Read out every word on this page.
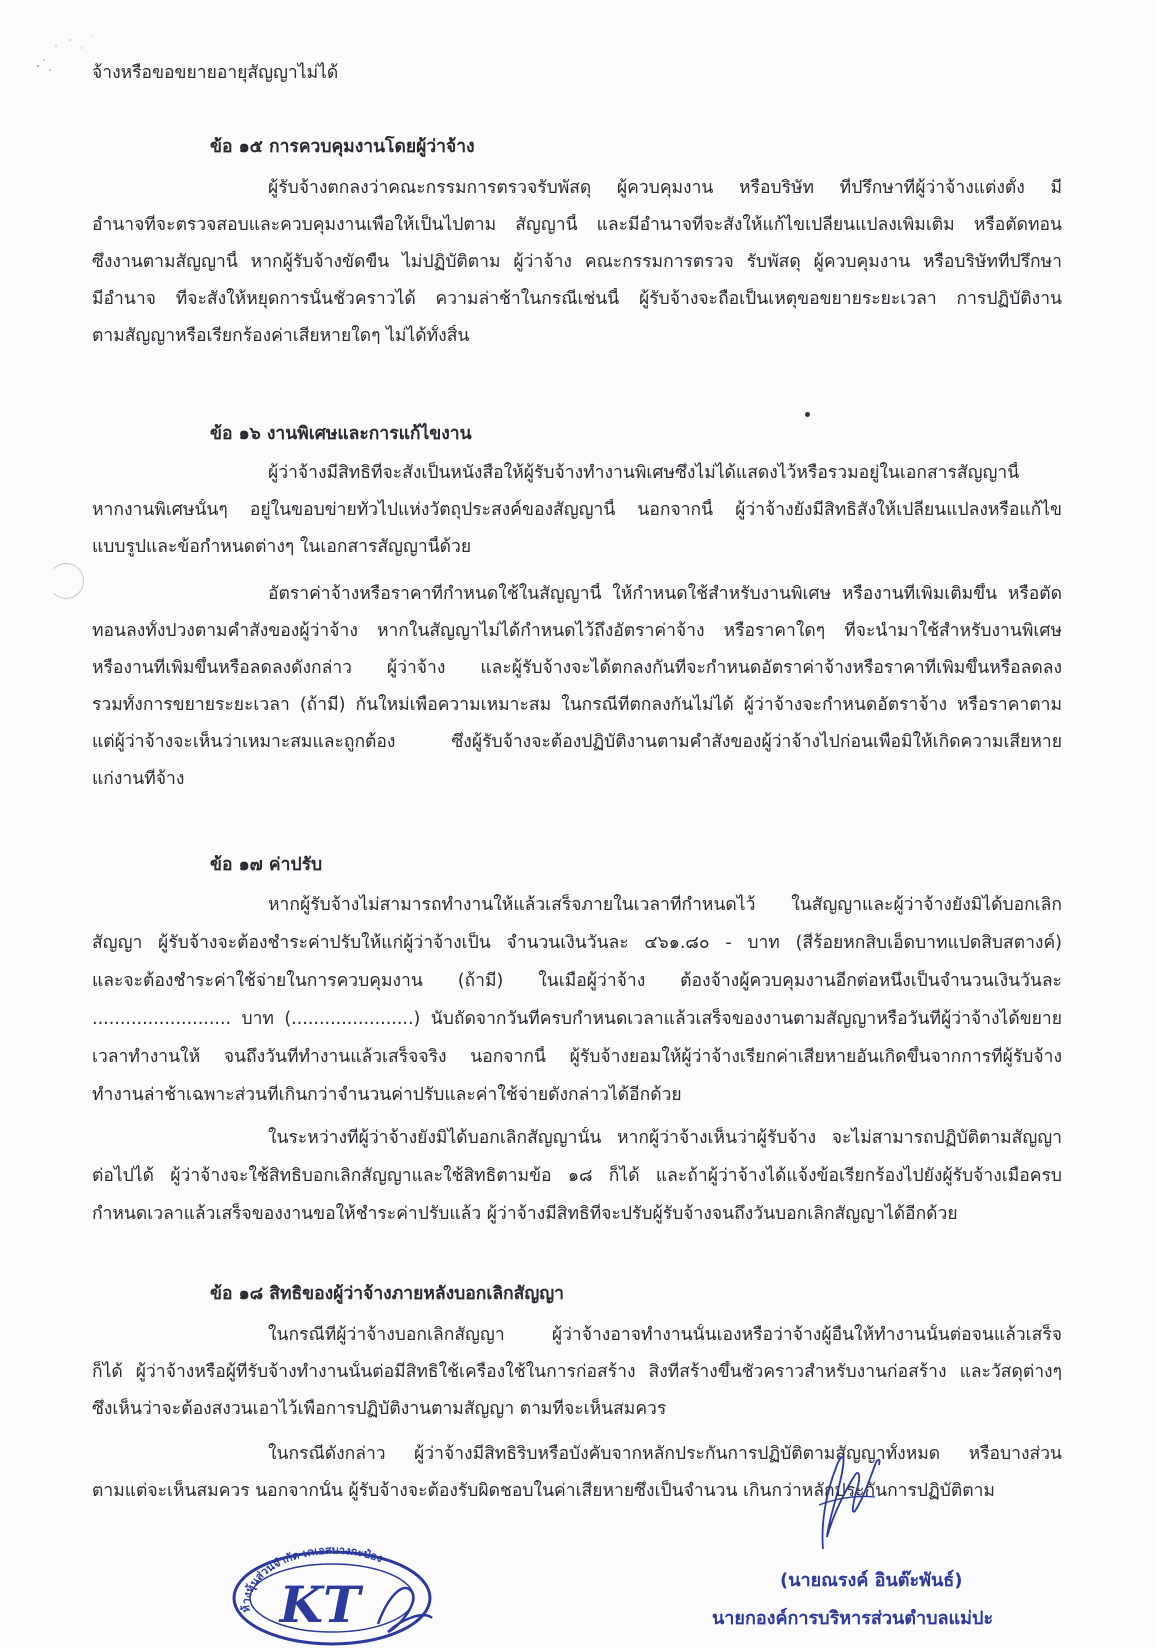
จ้างหรือขอขยายอายุสัญญาไม่ได้
ข้อ ๑๕ การควบคุมงานโดยผู้ว่าจ้าง
ผู้รับจ้างตกลงว่าคณะกรรมการตรวจรับพัสดุ ผู้ควบคุมงาน หรือบริษัท ที่ปรึกษาที่ผู้ว่าจ้างแต่งตั้ง มี
อำนาจที่จะตรวจสอบและควบคุมงานเพื่อให้เป็นไปตาม สัญญานี้ และมีอำนาจที่จะสั่งให้แก้ไขเปลี่ยนแปลงเพิ่มเติม หรือตัดทอน
ซึ่งงานตามสัญญานี้ หากผู้รับจ้างขัดขืน ไม่ปฏิบัติตาม ผู้ว่าจ้าง คณะกรรมการตรวจ รับพัสดุ ผู้ควบคุมงาน หรือบริษัทที่ปรึกษา
มีอำนาจ ที่จะสั่งให้หยุดการนั้นชั่วคราวได้ ความล่าช้าในกรณีเช่นนี้ ผู้รับจ้างจะถือเป็นเหตุขอขยายระยะเวลา การปฏิบัติงาน
ตามสัญญาหรือเรียกร้องค่าเสียหายใดๆ ไม่ได้ทั้งสิ้น
ข้อ ๑๖ งานพิเศษและการแก้ไขงาน
ผู้ว่าจ้างมีสิทธิที่จะสั่งเป็นหนังสือให้ผู้รับจ้างทำงานพิเศษซึ่งไม่ได้แสดงไว้หรือรวมอยู่ในเอกสารสัญญานี้
หากงานพิเศษนั้นๆ อยู่ในขอบข่ายทั่วไปแห่งวัตถุประสงค์ของสัญญานี้ นอกจากนี้ ผู้ว่าจ้างยังมีสิทธิสั่งให้เปลี่ยนแปลงหรือแก้ไข
แบบรูปและข้อกำหนดต่างๆ ในเอกสารสัญญานี้ด้วย
อัตราค่าจ้างหรือราคาที่กำหนดใช้ในสัญญานี้ ให้กำหนดใช้สำหรับงานพิเศษ หรืองานที่เพิ่มเติมขึ้น หรือตัด
ทอนลงทั้งปวงตามคำสั่งของผู้ว่าจ้าง หากในสัญญาไม่ได้กำหนดไว้ถึงอัตราค่าจ้าง หรือราคาใดๆ ที่จะนำมาใช้สำหรับงานพิเศษ
หรืองานที่เพิ่มขึ้นหรือลดลงดังกล่าว ผู้ว่าจ้าง และผู้รับจ้างจะได้ตกลงกันที่จะกำหนดอัตราค่าจ้างหรือราคาที่เพิ่มขึ้นหรือลดลง
รวมทั้งการขยายระยะเวลา (ถ้ามี) กันใหม่เพื่อความเหมาะสม ในกรณีที่ตกลงกันไม่ได้ ผู้ว่าจ้างจะกำหนดอัตราจ้าง หรือราคาตาม
แต่ผู้ว่าจ้างจะเห็นว่าเหมาะสมและถูกต้อง ซึ่งผู้รับจ้างจะต้องปฏิบัติงานตามคำสั่งของผู้ว่าจ้างไปก่อนเพื่อมิให้เกิดความเสียหาย
แก่งานที่จ้าง
ข้อ ๑๗ ค่าปรับ
หากผู้รับจ้างไม่สามารถทำงานให้แล้วเสร็จภายในเวลาที่กำหนดไว้ ในสัญญาและผู้ว่าจ้างยังมิได้บอกเลิก
สัญญา ผู้รับจ้างจะต้องชำระค่าปรับให้แก่ผู้ว่าจ้างเป็น จำนวนเงินวันละ ๔๖๑.๘๐ - บาท (สี่ร้อยหกสิบเอ็ดบาทแปดสิบสตางค์)
และจะต้องชำระค่าใช้จ่ายในการควบคุมงาน (ถ้ามี) ในเมื่อผู้ว่าจ้าง ต้องจ้างผู้ควบคุมงานอีกต่อหนึ่งเป็นจำนวนเงินวันละ
......................... บาท (......................) นับถัดจากวันที่ครบกำหนดเวลาแล้วเสร็จของงานตามสัญญาหรือวันที่ผู้ว่าจ้างได้ขยาย
เวลาทำงานให้ จนถึงวันที่ทำงานแล้วเสร็จจริง นอกจากนี้ ผู้รับจ้างยอมให้ผู้ว่าจ้างเรียกค่าเสียหายอันเกิดขึ้นจากการที่ผู้รับจ้าง
ทำงานล่าช้าเฉพาะส่วนที่เกินกว่าจำนวนค่าปรับและค่าใช้จ่ายดังกล่าวได้อีกด้วย
ในระหว่างที่ผู้ว่าจ้างยังมิได้บอกเลิกสัญญานั้น หากผู้ว่าจ้างเห็นว่าผู้รับจ้าง จะไม่สามารถปฏิบัติตามสัญญา
ต่อไปได้ ผู้ว่าจ้างจะใช้สิทธิบอกเลิกสัญญาและใช้สิทธิตามข้อ ๑๘ ก็ได้ และถ้าผู้ว่าจ้างได้แจ้งข้อเรียกร้องไปยังผู้รับจ้างเมื่อครบ
กำหนดเวลาแล้วเสร็จของงานขอให้ชำระค่าปรับแล้ว ผู้ว่าจ้างมีสิทธิที่จะปรับผู้รับจ้างจนถึงวันบอกเลิกสัญญาได้อีกด้วย
ข้อ ๑๘ สิทธิของผู้ว่าจ้างภายหลังบอกเลิกสัญญา
ในกรณีที่ผู้ว่าจ้างบอกเลิกสัญญา ผู้ว่าจ้างอาจทำงานนั้นเองหรือว่าจ้างผู้อื่นให้ทำงานนั้นต่อจนแล้วเสร็จ
ก็ได้ ผู้ว่าจ้างหรือผู้ที่รับจ้างทำงานนั้นต่อมีสิทธิใช้เครื่องใช้ในการก่อสร้าง สิ่งที่สร้างขึ้นชั่วคราวสำหรับงานก่อสร้าง และวัสดุต่างๆ
ซึ่งเห็นว่าจะต้องสงวนเอาไว้เพื่อการปฏิบัติงานตามสัญญา ตามที่จะเห็นสมควร
ในกรณีดังกล่าว ผู้ว่าจ้างมีสิทธิริบหรือบังคับจากหลักประกันการปฏิบัติตามสัญญาทั้งหมด หรือบางส่วน
ตามแต่จะเห็นสมควร นอกจากนั้น ผู้รับจ้างจะต้องรับผิดชอบในค่าเสียหายซึ่งเป็นจำนวน เกินกว่าหลักประกันการปฏิบัติตาม
ห้างหุ้นส่วนจำกัด เคเอสบางกะป๋อง
KT	(นายณรงค์ อินต๊ะพันธ์)
นายกองค์การบริหารส่วนตำบลแม่ปะ
